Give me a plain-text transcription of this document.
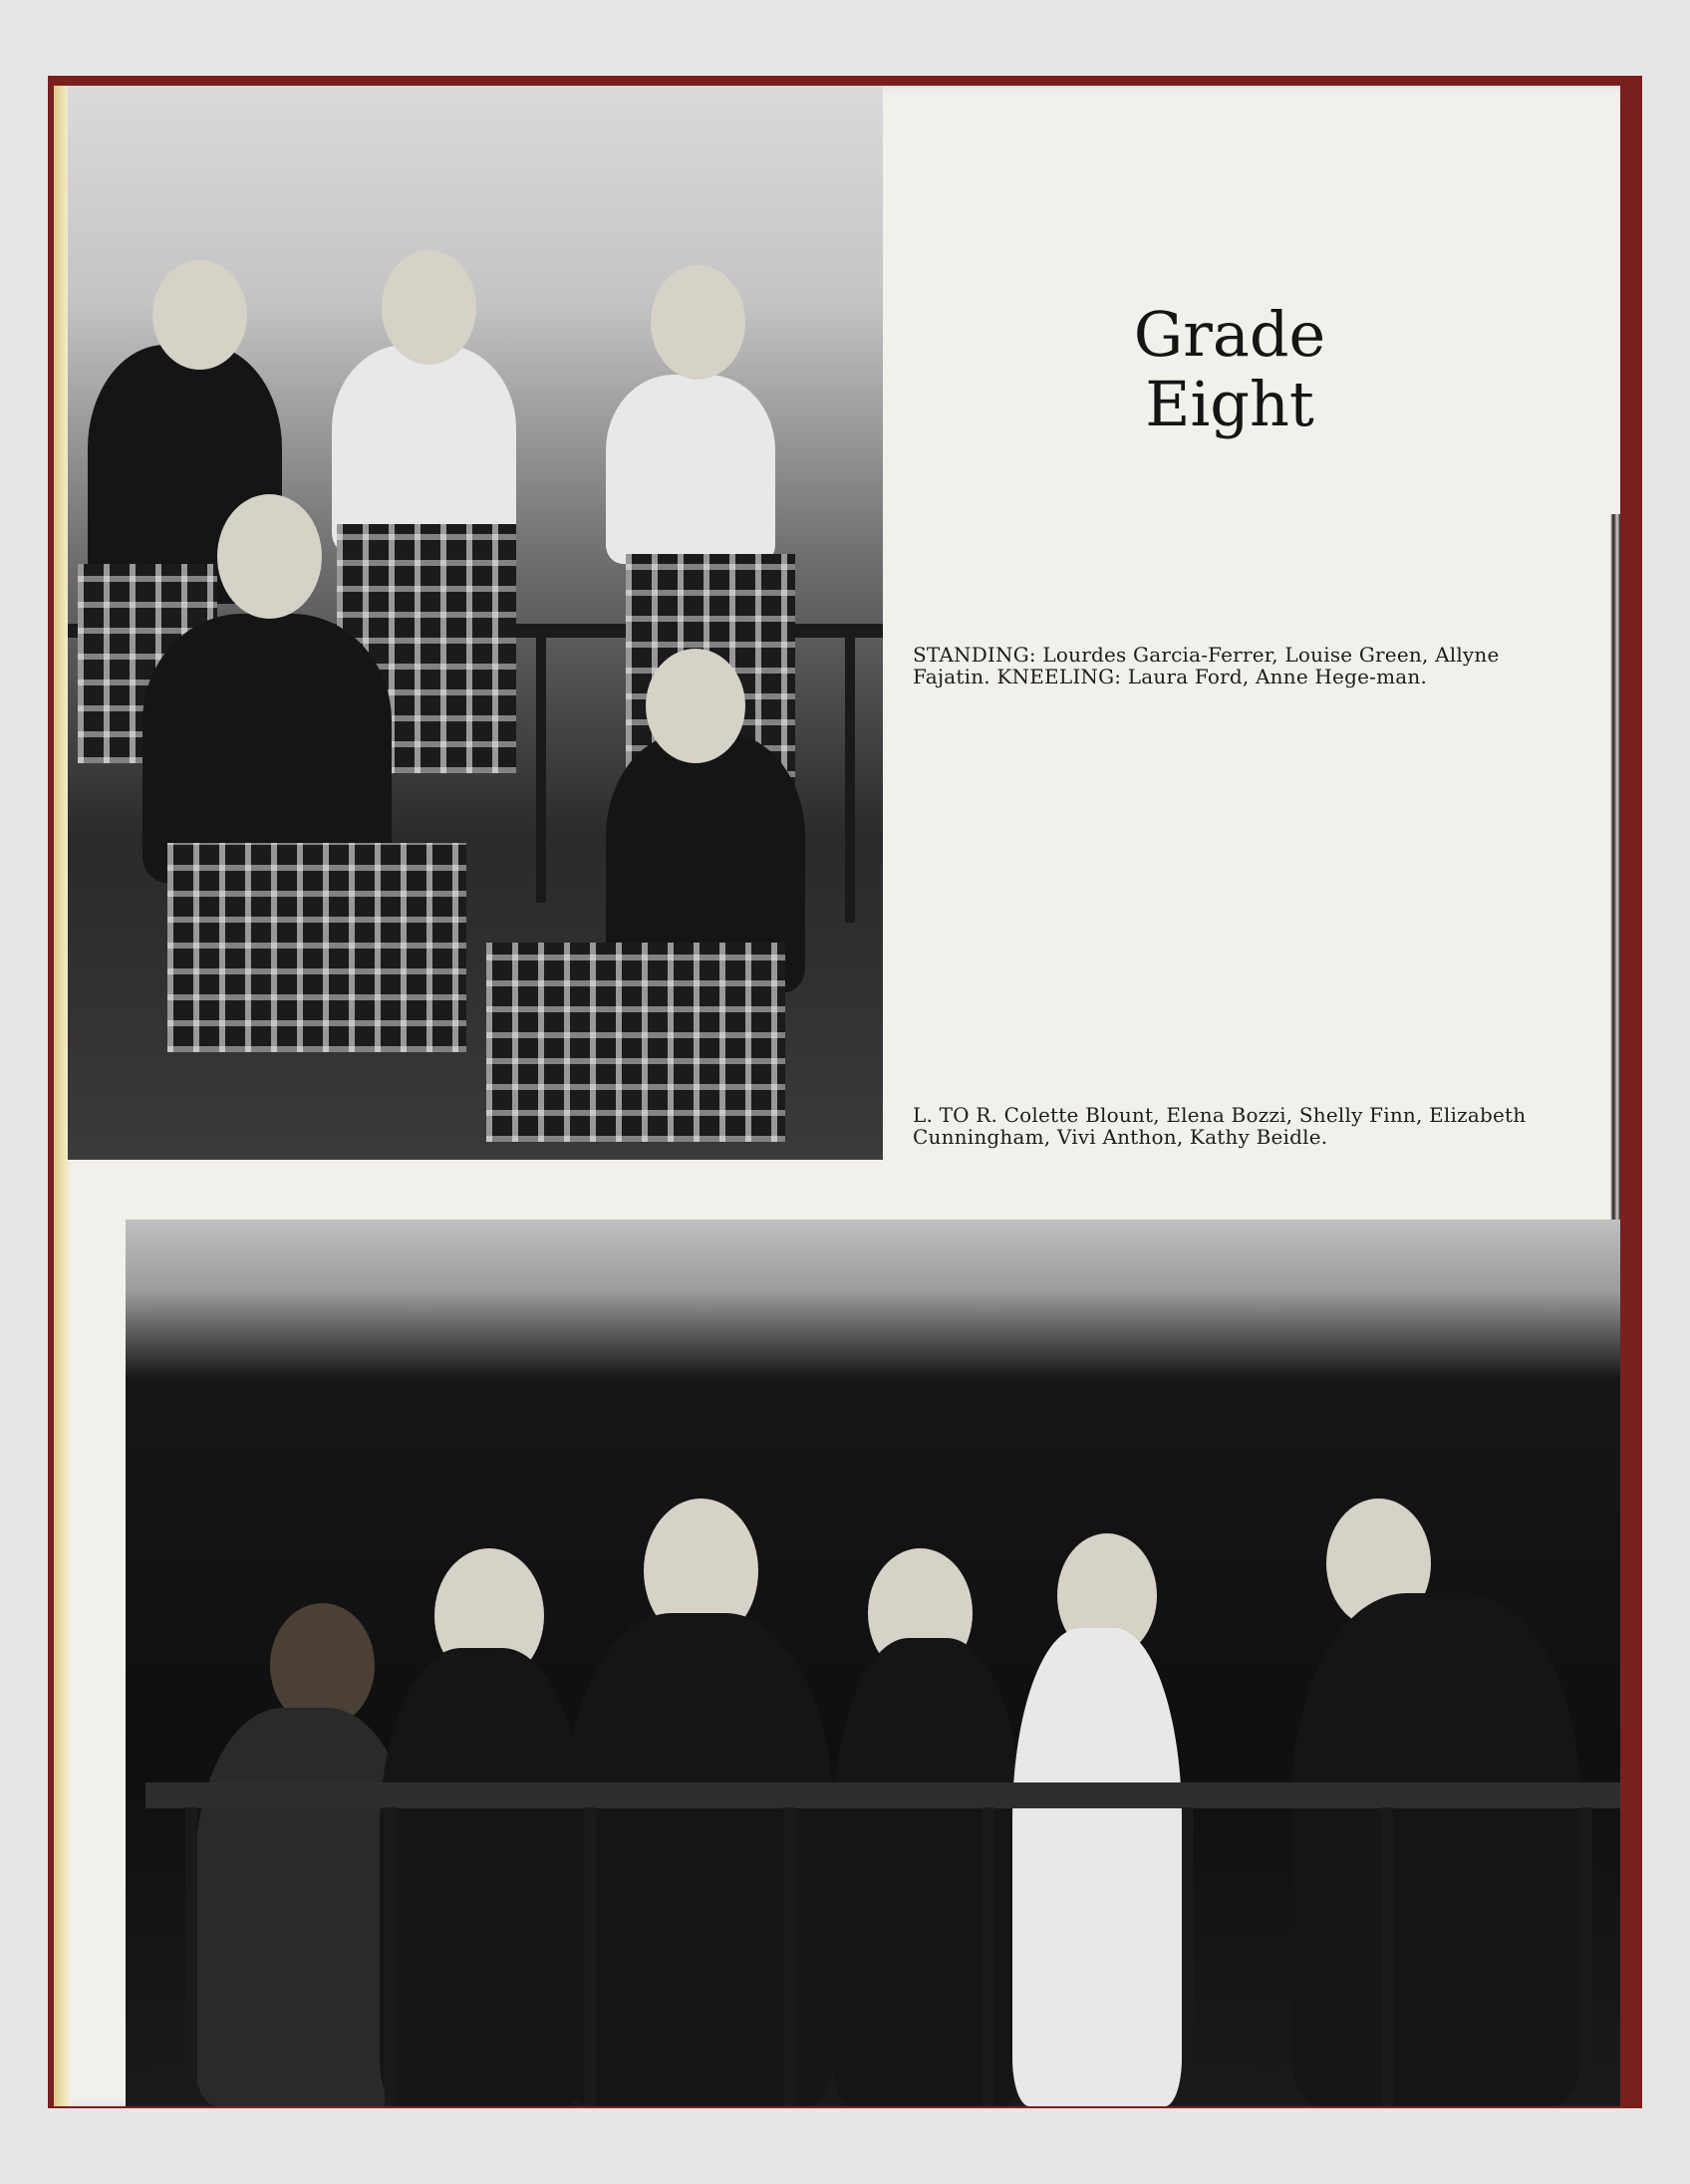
Grade
Eight
STANDING: Lourdes Garcia-Ferrer, Louise Green, Allyne Fajatin. KNEELING: Laura Ford, Anne Hege-man.
L. TO R. Colette Blount, Elena Bozzi, Shelly Finn, Elizabeth Cunningham, Vivi Anthon, Kathy Beidle.
